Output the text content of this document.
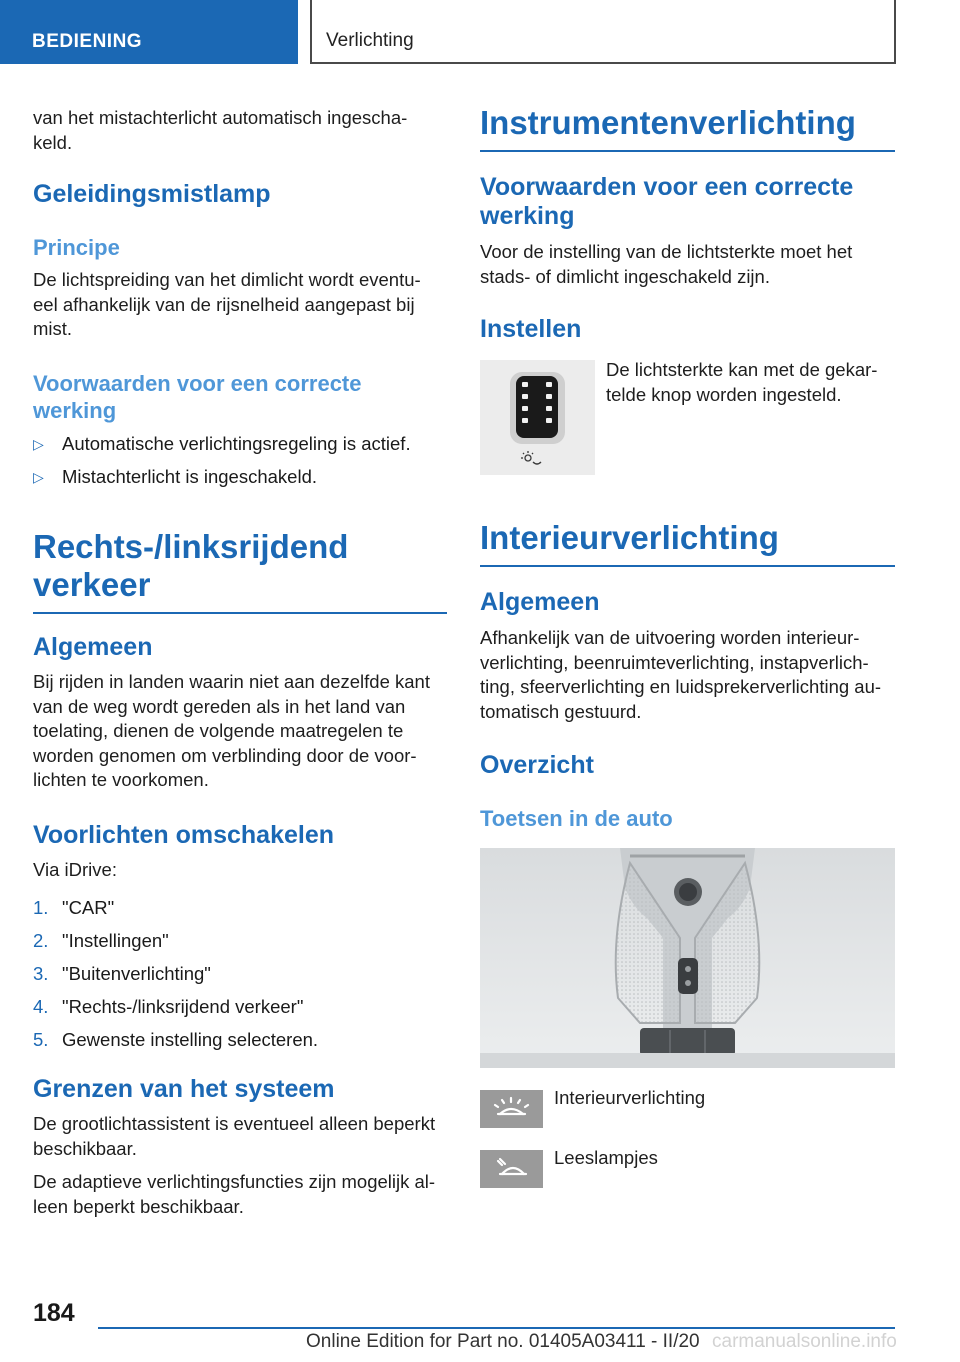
BEDIENING	Verlichting

van het mistachterlicht automatisch ingescha-
keld.

Geleidingsmistlamp
Principe

De lichtspreiding van het dimlicht wordt eventu-
eel afhankelijk van de rijsnelheid aangepast bij
mist.

Voorwaarden voor een correcte
werking
▷ Automatische verlichtingsregeling is actief.
▷ Mistachterlicht is ingeschakeld.
Rechts-/linksrijdend
verkeer
Algemeen

Bij rijden in landen waarin niet aan dezelfde kant
van de weg wordt gereden als in het land van
toelating, dienen de volgende maatregelen te
worden genomen om verblinding door de voor-
lichten te voorkomen.

Voorlichten omschakelen

Via iDrive:

1. "CAR"
2. "Instellingen"
3. "Buitenverlichting"
4. "Rechts-/linksrijdend verkeer"
5. Gewenste instelling selecteren.
Grenzen van het systeem

De grootlichtassistent is eventueel alleen beperkt
beschikbaar.

De adaptieve verlichtingsfuncties zijn mogelijk al-
leen beperkt beschikbaar.

Instrumentenverlichting
Voorwaarden voor een correcte
werking

Voor de instelling van de lichtsterkte moet het
stads- of dimlicht ingeschakeld zijn.

Instellen

De lichtsterkte kan met de gekar-
telde knop worden ingesteld.

Interieurverlichting
Algemeen

Afhankelijk van de uitvoering worden interieur-
verlichting, beenruimteverlichting, instapverlich-
ting, sfeerverlichting en luidsprekerverlichting au-
tomatisch gestuurd.

Overzicht
Toetsen in de auto

Interieurverlichting

Leeslampjes

184
Online Edition for Part no. 01405A03411 - II/20 carmanualsonline.info
